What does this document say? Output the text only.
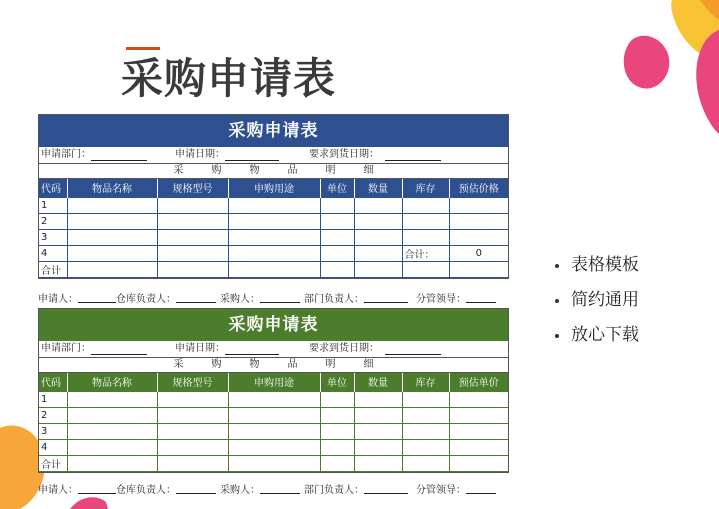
采购申请表
采购申请表
申请部门：	申请日期：	要求到货日期：
采	购	物	品	明	细
代码	物品名称	规格型号	申购用途	单位	数量	库存	预估价格
1							
2							
3							
4						合计：	0
合计							
申请人：	仓库负责人：	采购人：	部门负责人：	分管领导：
采购申请表
申请部门：	申请日期：	要求到货日期：
采	购	物	品	明	细
代码	物品名称	规格型号	申购用途	单位	数量	库存	预估单价
1							
2							
3							
4							
合计							
申请人：	仓库负责人：	采购人：	部门负责人：	分管领导：
表格模板
简约通用
放心下载
